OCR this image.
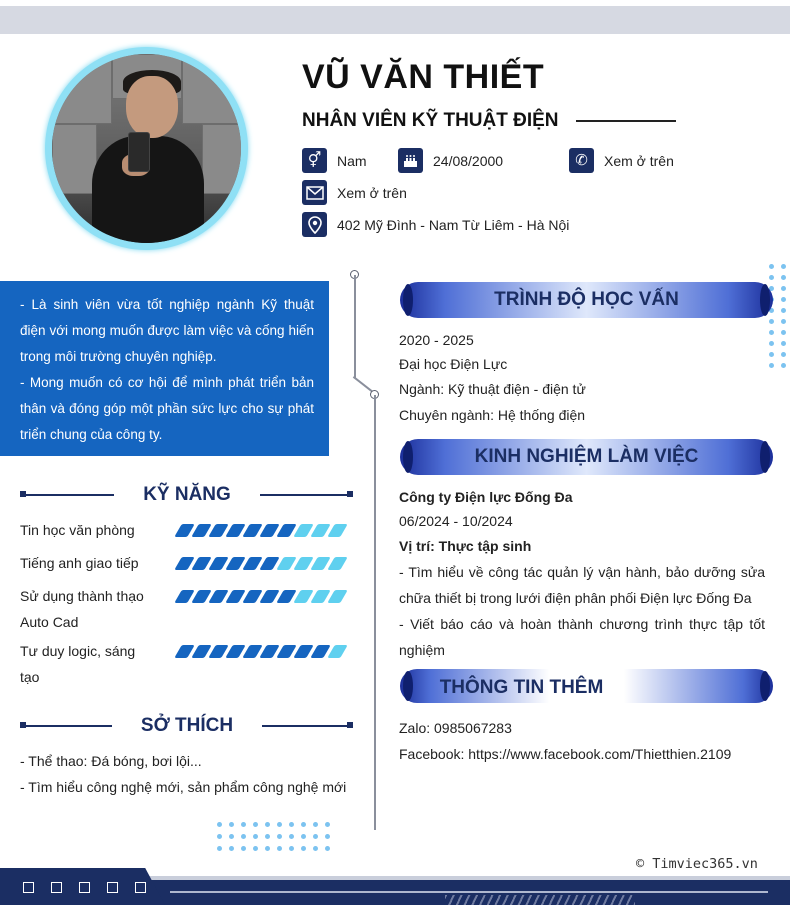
VŨ VĂN THIẾT
NHÂN VIÊN KỸ THUẬT ĐIỆN
⚥	Nam	24/08/2000	✆	Xem ở trên
Xem ở trên
402 Mỹ Đình - Nam Từ Liêm - Hà Nội

- Là sinh viên vừa tốt nghiệp ngành Kỹ thuật điện với mong muốn được làm việc và cống hiến trong môi trường chuyên nghiệp.

- Mong muốn có cơ hội để mình phát triển bản thân và đóng góp một phần sức lực cho sự phát triển chung của công ty.

KỸ NĂNG
Tin học văn phòng
Tiếng anh giao tiếp
Sử dụng thành thạo
Auto Cad
Tư duy logic, sáng
tạo
SỞ THÍCH
- Thể thao: Đá bóng, bơi lội...
- Tìm hiểu công nghệ mới, sản phẩm công nghệ mới
TRÌNH ĐỘ HỌC VẤN
2020 - 2025
Đại học Điện Lực
Ngành: Kỹ thuật điện - điện tử
Chuyên ngành: Hệ thống điện
KINH NGHIỆM LÀM VIỆC
Công ty Điện lực Đống Đa
06/2024 - 10/2024
Vị trí: Thực tập sinh
- Tìm hiểu về công tác quản lý vận hành, bảo dưỡng sửa chữa thiết bị trong lưới điện phân phối Điện lực Đống Đa
- Viết báo cáo và hoàn thành chương trình thực tập tốt nghiệm
THÔNG TIN THÊM
Zalo: 0985067283
Facebook: https://www.facebook.com/Thietthien.2109
© Timviec365.vn
